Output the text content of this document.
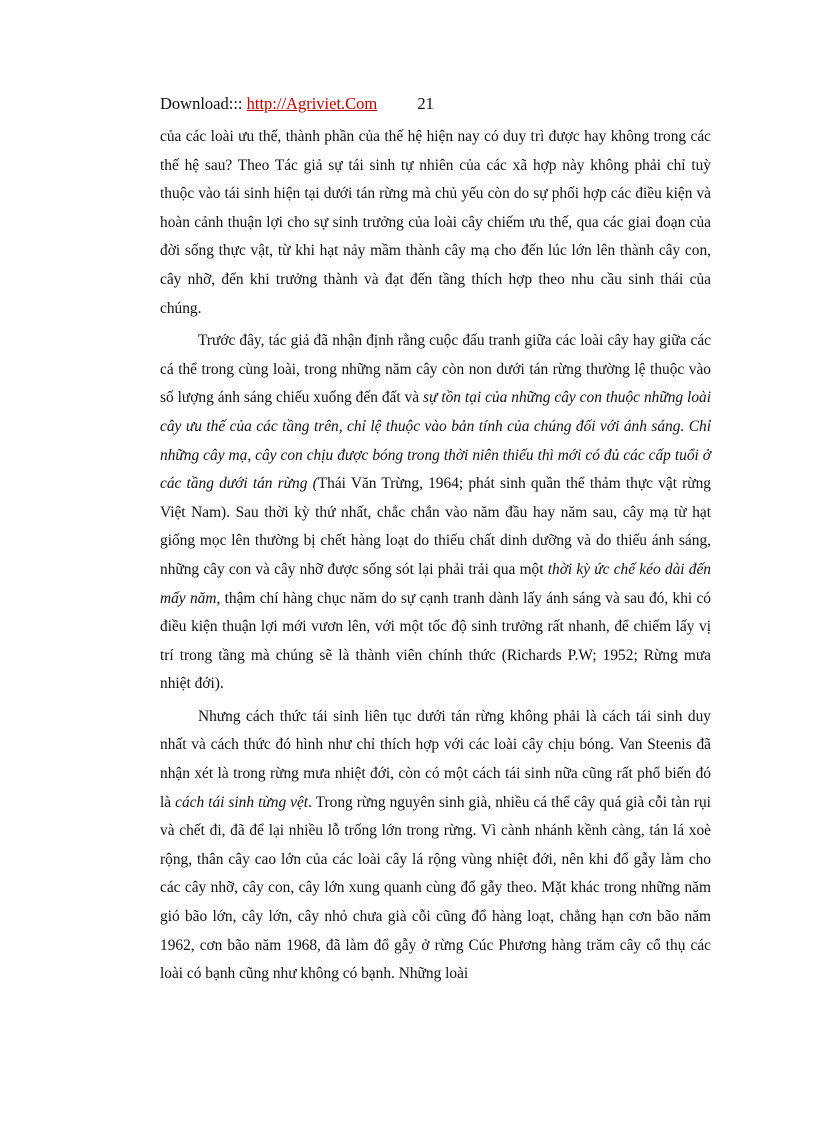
Download::: http://Agriviet.Com 21

của các loài ưu thế, thành phần của thế hệ hiện nay có duy trì được hay không trong các thế hệ sau? Theo Tác giả sự tái sinh tự nhiên của các xã hợp này không phải chỉ tuỳ thuộc vào tái sinh hiện tại dưới tán rừng mà chủ yếu còn do sự phối hợp các điều kiện và hoàn cảnh thuận lợi cho sự sinh trưởng của loài cây chiếm ưu thế, qua các giai đoạn của đời sống thực vật, từ khi hạt nảy mầm thành cây mạ cho đến lúc lớn lên thành cây con, cây nhỡ, đến khi trưởng thành và đạt đến tầng thích hợp theo nhu cầu sinh thái của chúng.

Trước đây, tác giả đã nhận định rằng cuộc đấu tranh giữa các loài cây hay giữa các cá thể trong cùng loài, trong những năm cây còn non dưới tán rừng thường lệ thuộc vào số lượng ánh sáng chiếu xuống đến đất và sự tồn tại của những cây con thuộc những loài cây ưu thế của các tầng trên, chỉ lệ thuộc vào bản tính của chúng đối với ánh sáng. Chỉ những cây mạ, cây con chịu được bóng trong thời niên thiếu thì mới có đủ các cấp tuổi ở các tầng dưới tán rừng (Thái Văn Trừng, 1964; phát sinh quần thể thảm thực vật rừng Việt Nam). Sau thời kỳ thứ nhất, chắc chắn vào năm đầu hay năm sau, cây mạ từ hạt giống mọc lên thường bị chết hàng loạt do thiếu chất dinh dưỡng và do thiếu ánh sáng, những cây con và cây nhỡ được sống sót lại phải trải qua một thời kỳ ức chế kéo dài đến mấy năm, thậm chí hàng chục năm do sự cạnh tranh dành lấy ánh sáng và sau đó, khi có điều kiện thuận lợi mới vươn lên, với một tốc độ sinh trưởng rất nhanh, để chiếm lấy vị trí trong tầng mà chúng sẽ là thành viên chính thức (Richards P.W; 1952; Rừng mưa nhiệt đới).

Nhưng cách thức tái sinh liên tục dưới tán rừng không phải là cách tái sinh duy nhất và cách thức đó hình như chỉ thích hợp với các loài cây chịu bóng. Van Steenis đã nhận xét là trong rừng mưa nhiệt đới, còn có một cách tái sinh nữa cũng rất phổ biến đó là cách tái sinh từng vệt. Trong rừng nguyên sinh già, nhiều cá thể cây quá già cỗi tàn rụi và chết đi, đã để lại nhiều lỗ trống lớn trong rừng. Vì cành nhánh kềnh càng, tán lá xoè rộng, thân cây cao lớn của các loài cây lá rộng vùng nhiệt đới, nên khi đổ gẫy làm cho các cây nhỡ, cây con, cây lớn xung quanh cùng đổ gẫy theo. Mặt khác trong những năm gió bão lớn, cây lớn, cây nhỏ chưa già cỗi cũng đổ hàng loạt, chẳng hạn cơn bão năm 1962, cơn bão năm 1968, đã làm đổ gẫy ở rừng Cúc Phương hàng trăm cây cổ thụ các loài có bạnh cũng như không có bạnh. Những loài
